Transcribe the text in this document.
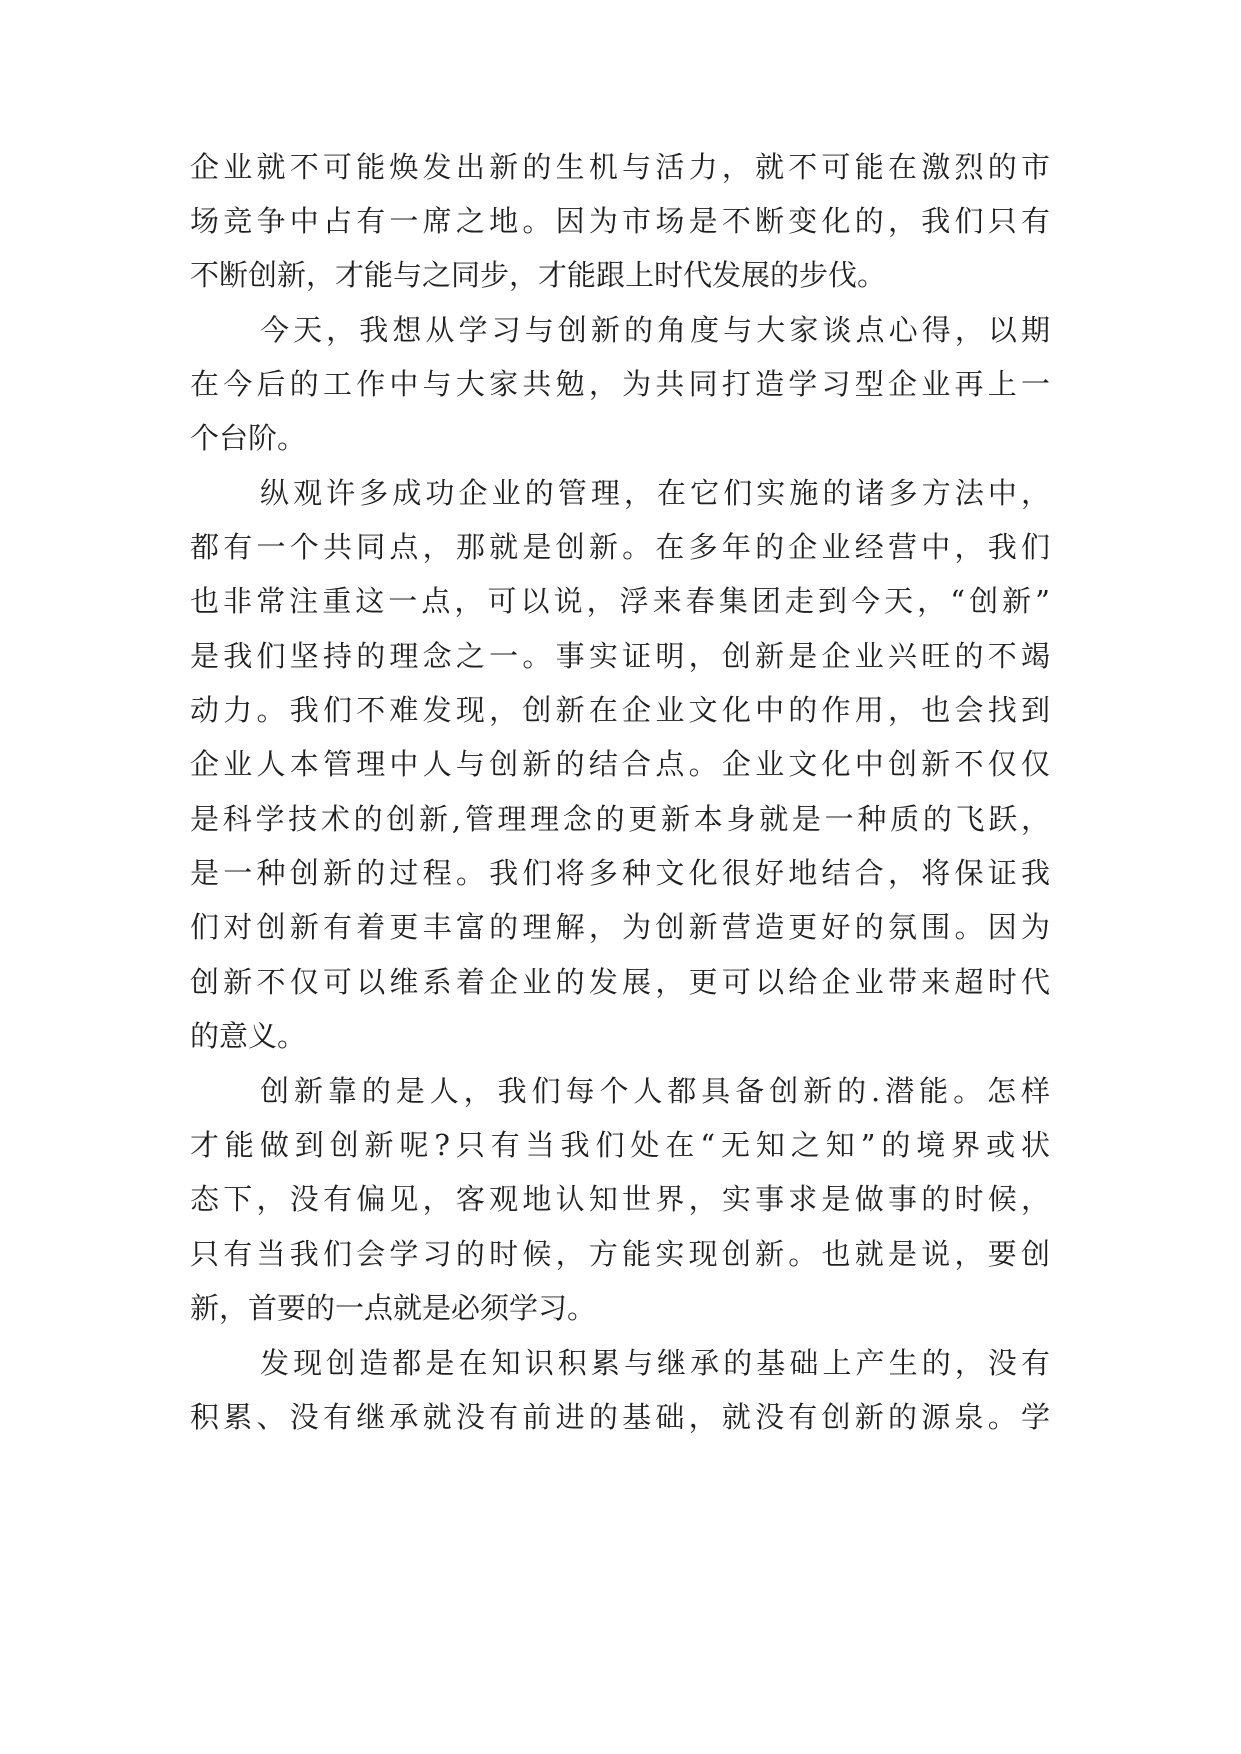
企业就不可能焕发出新的生机与活力，就不可能在激烈的市
场竞争中占有一席之地。因为市场是不断变化的，我们只有
不断创新，才能与之同步，才能跟上时代发展的步伐。
今天，我想从学习与创新的角度与大家谈点心得，以期
在今后的工作中与大家共勉，为共同打造学习型企业再上一
个台阶。
纵观许多成功企业的管理，在它们实施的诸多方法中，
都有一个共同点，那就是创新。在多年的企业经营中，我们
也非常注重这一点，可以说，浮来春集团走到今天，“创新”
是我们坚持的理念之一。事实证明，创新是企业兴旺的不竭
动力。我们不难发现，创新在企业文化中的作用，也会找到
企业人本管理中人与创新的结合点。企业文化中创新不仅仅
是科学技术的创新,管理理念的更新本身就是一种质的飞跃，
是一种创新的过程。我们将多种文化很好地结合，将保证我
们对创新有着更丰富的理解，为创新营造更好的氛围。因为
创新不仅可以维系着企业的发展，更可以给企业带来超时代
的意义。
创新靠的是人，我们每个人都具备创新的.潜能。怎样
才能做到创新呢?只有当我们处在“无知之知”的境界或状
态下，没有偏见，客观地认知世界，实事求是做事的时候，
只有当我们会学习的时候，方能实现创新。也就是说，要创
新，首要的一点就是必须学习。
发现创造都是在知识积累与继承的基础上产生的，没有
积累、没有继承就没有前进的基础，就没有创新的源泉。学
